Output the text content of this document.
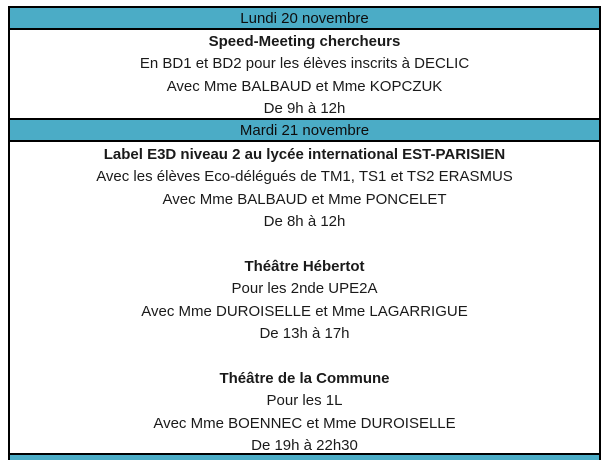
Lundi 20 novembre
Speed-Meeting chercheurs
En BD1 et BD2 pour les élèves inscrits à DECLIC
Avec Mme BALBAUD et Mme KOPCZUK
De 9h à 12h
Mardi 21 novembre
Label E3D niveau 2 au lycée international EST-PARISIEN
Avec les élèves Eco-délégués de TM1, TS1 et TS2 ERASMUS
Avec Mme BALBAUD et Mme PONCELET
De 8h à 12h
Théâtre Hébertot
Pour les 2nde UPE2A
Avec Mme DUROISELLE et Mme LAGARRIGUE
De 13h à 17h
Théâtre de la Commune
Pour les 1L
Avec Mme BOENNEC et Mme DUROISELLE
De 19h à 22h30
